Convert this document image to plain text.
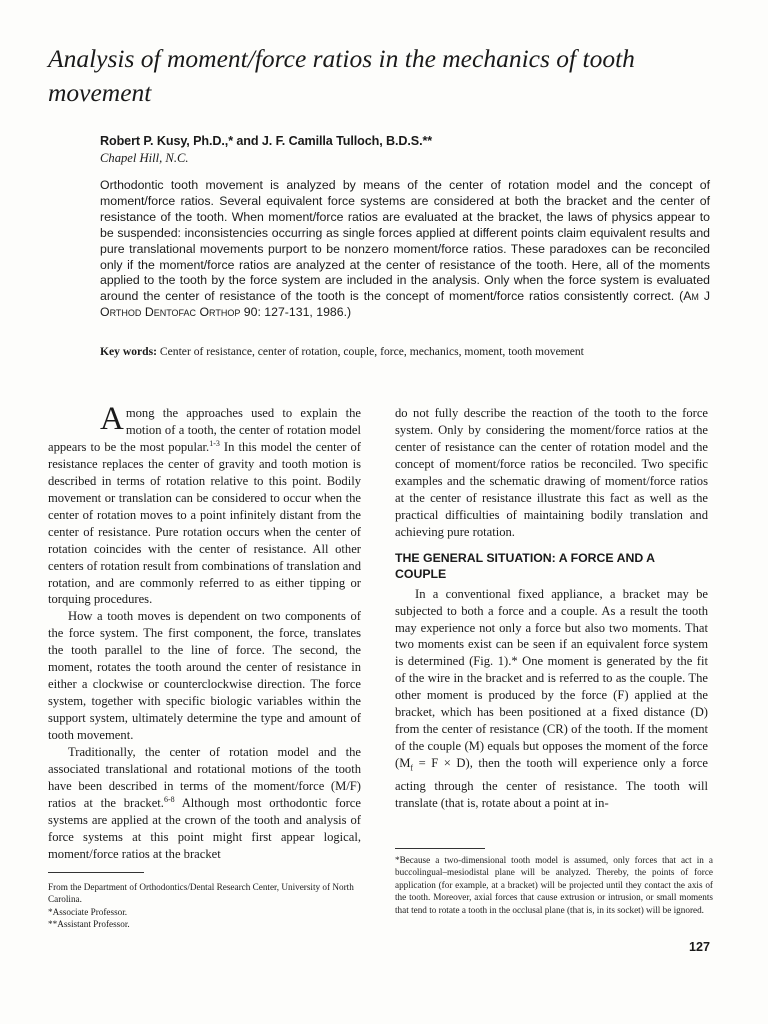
Analysis of moment/force ratios in the mechanics of tooth movement
Robert P. Kusy, Ph.D.,* and J. F. Camilla Tulloch, B.D.S.**
Chapel Hill, N.C.

Orthodontic tooth movement is analyzed by means of the center of rotation model and the concept of moment/force ratios. Several equivalent force systems are considered at both the bracket and the center of resistance of the tooth. When moment/force ratios are evaluated at the bracket, the laws of physics appear to be suspended: inconsistencies occurring as single forces applied at different points claim equivalent results and pure translational movements purport to be nonzero moment/force ratios. These paradoxes can be reconciled only if the moment/force ratios are analyzed at the center of resistance of the tooth. Here, all of the moments applied to the tooth by the force system are included in the analysis. Only when the force system is evaluated around the center of resistance of the tooth is the concept of moment/force ratios consistently correct. (Am J Orthod Dentofac Orthop 90: 127-131, 1986.)

Key words: Center of resistance, center of rotation, couple, force, mechanics, moment, tooth movement

Among the approaches used to explain the motion of a tooth, the center of rotation model appears to be the most popular.$^{1-3}$ In this model the center of resistance replaces the center of gravity and tooth motion is described in terms of rotation relative to this point. Bodily movement or translation can be considered to occur when the center of rotation moves to a point infinitely distant from the center of resistance. Pure rotation occurs when the center of rotation coincides with the center of resistance. All other centers of rotation result from combinations of translation and rotation, and are commonly referred to as either tipping or torquing procedures.

How a tooth moves is dependent on two components of the force system. The first component, the force, translates the tooth parallel to the line of force. The second, the moment, rotates the tooth around the center of resistance in either a clockwise or counterclockwise direction. The force system, together with specific biologic variables within the support system, ultimately determine the type and amount of tooth movement.

Traditionally, the center of rotation model and the associated translational and rotational motions of the tooth have been described in terms of the moment/force (M/F) ratios at the bracket.$^{6-8}$ Although most orthodontic force systems are applied at the crown of the tooth and analysis of force systems at this point might first appear logical, moment/force ratios at the bracket

do not fully describe the reaction of the tooth to the force system. Only by considering the moment/force ratios at the center of resistance can the center of rotation model and the concept of moment/force ratios be reconciled. Two specific examples and the schematic drawing of moment/force ratios at the center of resistance illustrate this fact as well as the practical difficulties of maintaining bodily translation and achieving pure rotation.

THE GENERAL SITUATION: A FORCE AND A COUPLE

In a conventional fixed appliance, a bracket may be subjected to both a force and a couple. As a result the tooth may experience not only a force but also two moments. That two moments exist can be seen if an equivalent force system is determined (Fig. 1).* One moment is generated by the fit of the wire in the bracket and is referred to as the couple. The other moment is produced by the force (F) applied at the bracket, which has been positioned at a fixed distance (D) from the center of resistance (CR) of the tooth. If the moment of the couple (M) equals but opposes the moment of the force $(M_f = F \times D)$, then the tooth will experience only a force acting through the center of resistance. The tooth will translate (that is, rotate about a point at in-

*Because a two-dimensional tooth model is assumed, only forces that act in a buccolingual–mesiodistal plane will be analyzed. Thereby, the points of force application (for example, at a bracket) will be projected until they contact the axis of the tooth. Moreover, axial forces that cause extrusion or intrusion, or small moments that tend to rotate a tooth in the occlusal plane (that is, in its socket) will be ignored.
From the Department of Orthodontics/Dental Research Center, University of North Carolina.
*Associate Professor.
**Assistant Professor.
127
